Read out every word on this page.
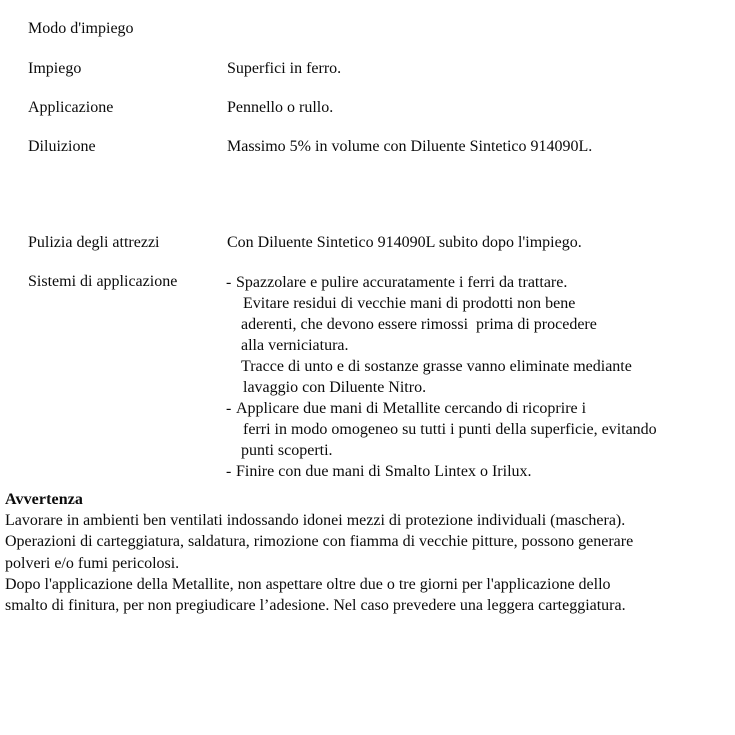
Modo d'impiego
Impiego	Superfici in ferro.
Applicazione	Pennello o rullo.
Diluizione	Massimo 5% in volume con Diluente Sintetico 914090L.
Pulizia degli attrezzi	Con Diluente Sintetico 914090L subito dopo l'impiego.
Sistemi di applicazione	- Spazzolare e pulire accuratamente i ferri da trattare.
Evitare residui di vecchie mani di prodotti non bene
aderenti, che devono essere rimossi  prima di procedere
alla verniciatura.
Tracce di unto e di sostanze grasse vanno eliminate mediante
lavaggio con Diluente Nitro.
- Applicare due mani di Metallite cercando di ricoprire i
ferri in modo omogeneo su tutti i punti della superficie, evitando
punti scoperti.
- Finire con due mani di Smalto Lintex o Irilux.
Avvertenza
Lavorare in ambienti ben ventilati indossando idonei mezzi di protezione individuali (maschera).
Operazioni di carteggiatura, saldatura, rimozione con fiamma di vecchie pitture, possono generare
polveri e/o fumi pericolosi.
Dopo l'applicazione della Metallite, non aspettare oltre due o tre giorni per l'applicazione dello
smalto di finitura, per non pregiudicare l’adesione. Nel caso prevedere una leggera carteggiatura.
